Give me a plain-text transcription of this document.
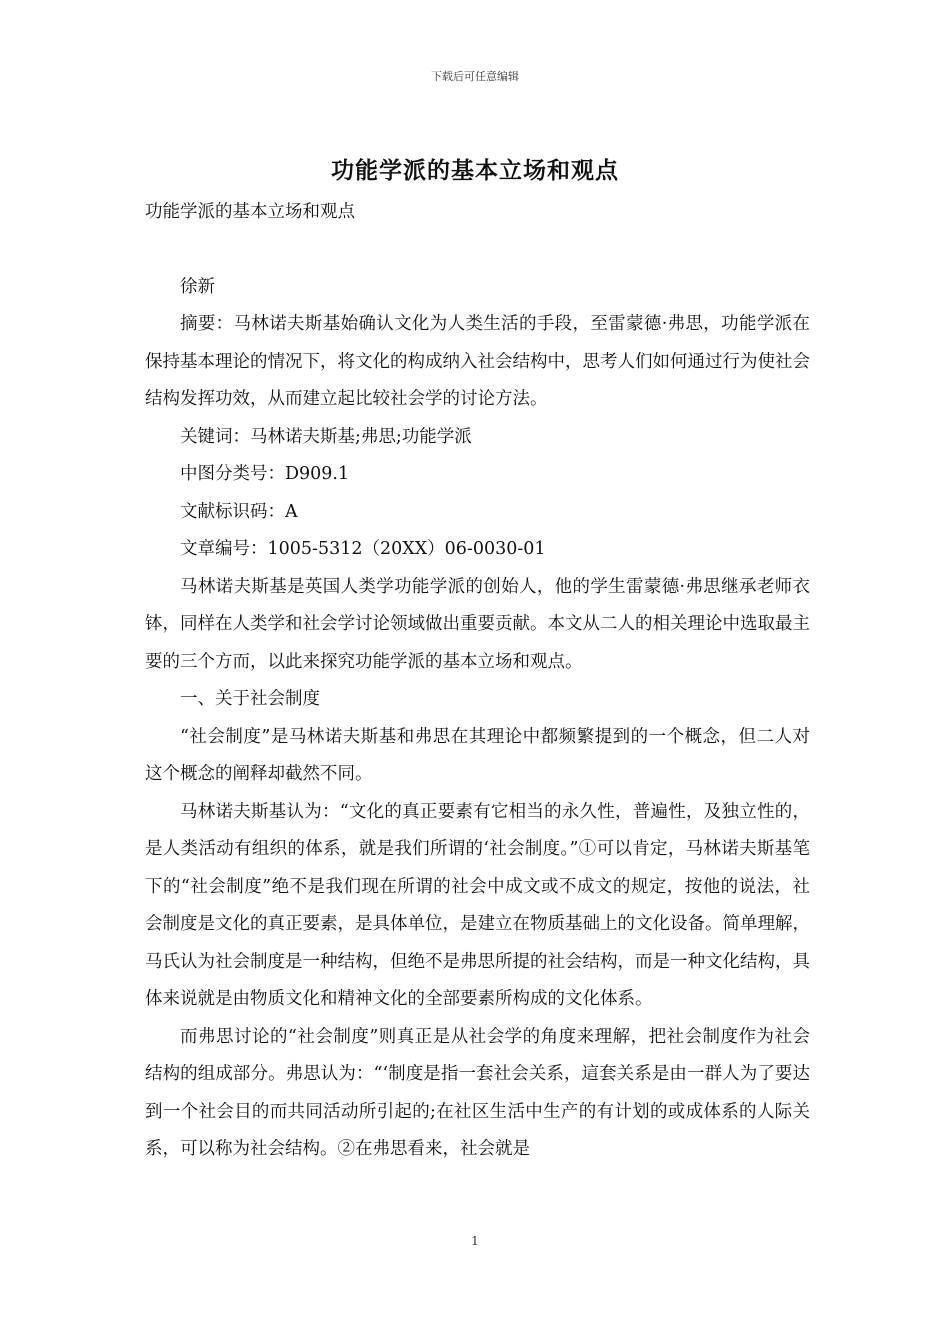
下载后可任意编辑
功能学派的基本立场和观点

功能学派的基本立场和观点

徐新

摘要：马林诺夫斯基始确认文化为人类生活的手段，至雷蒙德·弗思，功能学派在保持基本理论的情况下，将文化的构成纳入社会结构中，思考人们如何通过行为使社会结构发挥功效，从而建立起比较社会学的讨论方法。

关键词：马林诺夫斯基;弗思;功能学派

中图分类号：D909.1

文献标识码：A

文章编号：1005-5312（20XX）06-0030-01

马林诺夫斯基是英国人类学功能学派的创始人，他的学生雷蒙德·弗思继承老师衣钵，同样在人类学和社会学讨论领域做出重要贡献。本文从二人的相关理论中选取最主要的三个方而，以此来探究功能学派的基本立场和观点。

一、关于社会制度

“社会制度”是马林诺夫斯基和弗思在其理论中都频繁提到的一个概念，但二人对这个概念的阐释却截然不同。

马林诺夫斯基认为：“文化的真正要素有它相当的永久性，普遍性，及独立性的，是人类活动有组织的体系，就是我们所谓的‘社会制度。”①可以肯定，马林诺夫斯基笔下的“社会制度”绝不是我们现在所谓的社会中成文或不成文的规定，按他的说法，社会制度是文化的真正要素，是具体单位，是建立在物质基础上的文化设备。简单理解，马氏认为社会制度是一种结构，但绝不是弗思所提的社会结构，而是一种文化结构，具体来说就是由物质文化和精神文化的全部要素所构成的文化体系。

而弗思讨论的“社会制度”则真正是从社会学的角度来理解，把社会制度作为社会结构的组成部分。弗思认为：“‘制度是指一套社会关系，這套关系是由一群人为了要达到一个社会目的而共同活动所引起的;在社区生活中生产的有计划的或成体系的人际关系，可以称为社会结构。②在弗思看来，社会就是

1
